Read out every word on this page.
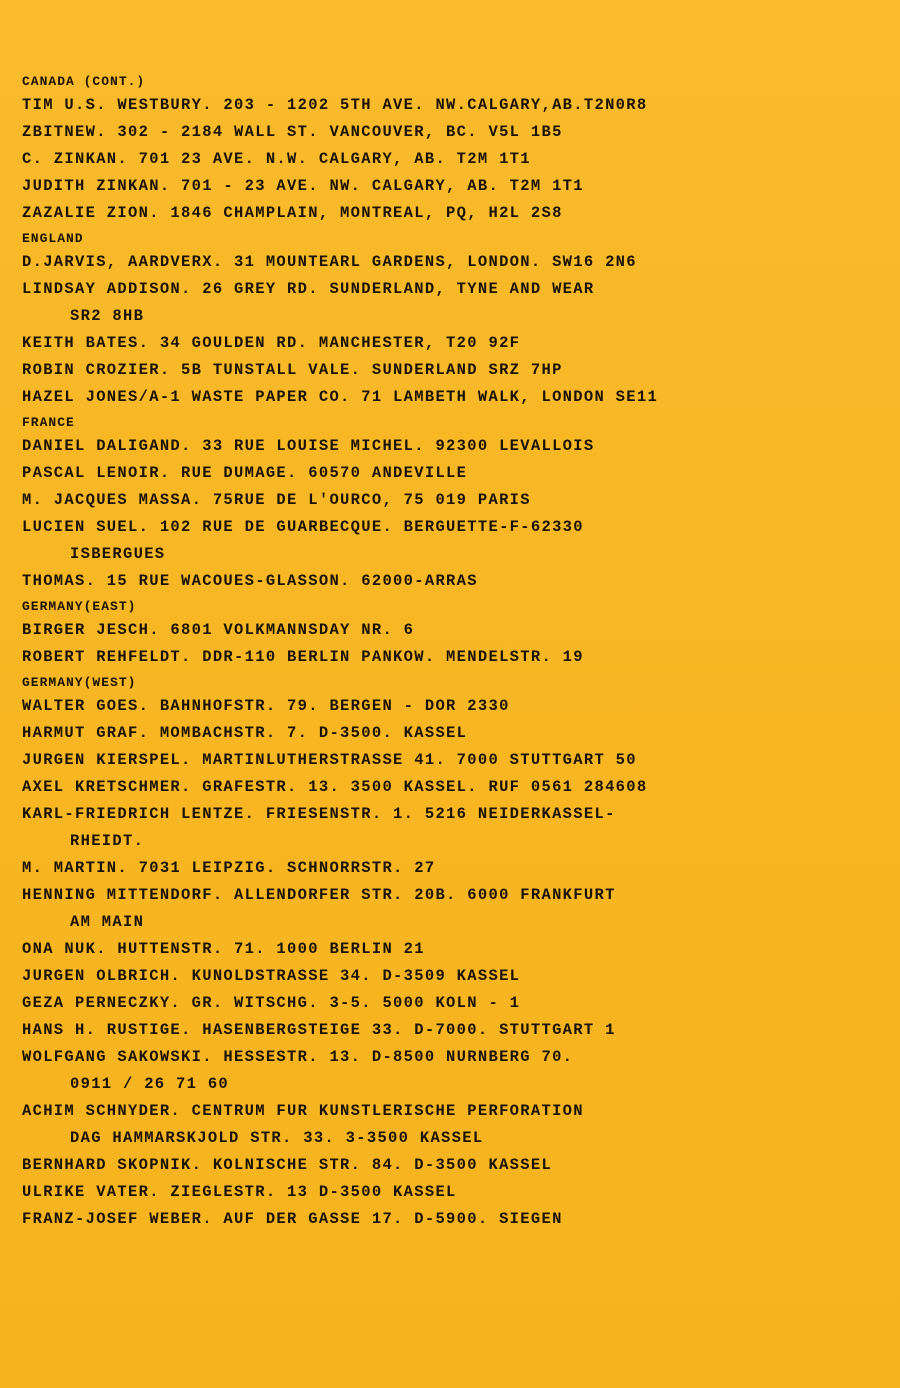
CANADA (CONT.)
TIM U.S. WESTBURY. 203 - 1202 5TH AVE. NW.CALGARY,AB.T2N0R8
ZBITNEW. 302 - 2184 WALL ST. VANCOUVER, BC. V5L 1B5
C. ZINKAN. 701 23 AVE. N.W. CALGARY, AB. T2M 1T1
JUDITH ZINKAN. 701 - 23 AVE. NW. CALGARY, AB. T2M 1T1
ZAZALIE ZION. 1846 CHAMPLAIN, MONTREAL, PQ, H2L 2S8
ENGLAND
D.JARVIS, AARDVERX. 31 MOUNTEARL GARDENS, LONDON. SW16 2N6
LINDSAY ADDISON. 26 GREY RD. SUNDERLAND, TYNE AND WEAR
SR2 8HB
KEITH BATES. 34 GOULDEN RD. MANCHESTER, T20 92F
ROBIN CROZIER. 5B TUNSTALL VALE. SUNDERLAND SRZ 7HP
HAZEL JONES/A-1 WASTE PAPER CO. 71 LAMBETH WALK, LONDON SE11
FRANCE
DANIEL DALIGAND. 33 RUE LOUISE MICHEL. 92300 LEVALLOIS
PASCAL LENOIR. RUE DUMAGE. 60570 ANDEVILLE
M. JACQUES MASSA. 75RUE DE L'OURCO, 75 019 PARIS
LUCIEN SUEL. 102 RUE DE GUARBECQUE. BERGUETTE-F-62330
ISBERGUES
THOMAS. 15 RUE WACOUES-GLASSON. 62000-ARRAS
GERMANY(EAST)
BIRGER JESCH. 6801 VOLKMANNSDAY NR. 6
ROBERT REHFELDT. DDR-110 BERLIN PANKOW. MENDELSTR. 19
GERMANY(WEST)
WALTER GOES. BAHNHOFSTR. 79. BERGEN - DOR 2330
HARMUT GRAF. MOMBACHSTR. 7. D-3500. KASSEL
JURGEN KIERSPEL. MARTINLUTHERSTRASSE 41. 7000 STUTTGART 50
AXEL KRETSCHMER. GRAFESTR. 13. 3500 KASSEL. RUF 0561 284608
KARL-FRIEDRICH LENTZE. FRIESENSTR. 1. 5216 NEIDERKASSEL-
RHEIDT.
M. MARTIN. 7031 LEIPZIG. SCHNORRSTR. 27
HENNING MITTENDORF. ALLENDORFER STR. 20B. 6000 FRANKFURT
AM MAIN
ONA NUK. HUTTENSTR. 71. 1000 BERLIN 21
JURGEN OLBRICH. KUNOLDSTRASSE 34. D-3509 KASSEL
GEZA PERNECZKY. GR. WITSCHG. 3-5. 5000 KOLN - 1
HANS H. RUSTIGE. HASENBERGSTEIGE 33. D-7000. STUTTGART 1
WOLFGANG SAKOWSKI. HESSESTR. 13. D-8500 NURNBERG 70.
0911 / 26 71 60
ACHIM SCHNYDER. CENTRUM FUR KUNSTLERISCHE PERFORATION
DAG HAMMARSKJOLD STR. 33. 3-3500 KASSEL
BERNHARD SKOPNIK. KOLNISCHE STR. 84. D-3500 KASSEL
ULRIKE VATER. ZIEGLESTR. 13 D-3500 KASSEL
FRANZ-JOSEF WEBER. AUF DER GASSE 17. D-5900. SIEGEN
